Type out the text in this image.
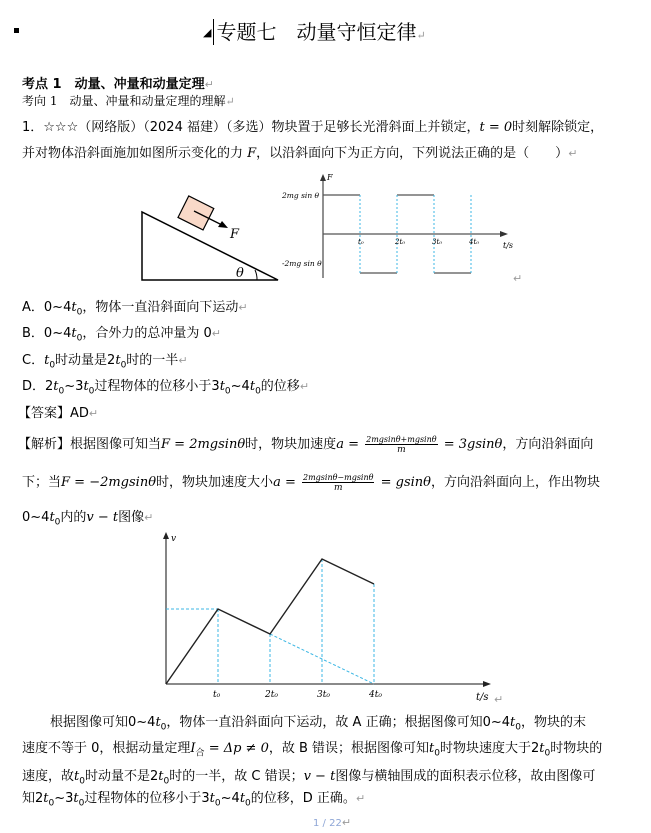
◢ 专题七　动量守恒定律↵
考点 1　动量、冲量和动量定理↵
考向 1　动量、冲量和动量定理的理解↵
1．☆☆☆（网络版）（2024 福建）（多选）物块置于足够长光滑斜面上并锁定，t = 0时刻解除锁定，
并对物体沿斜面施加如图所示变化的力 F，以沿斜面向下为正方向，下列说法正确的是（　　）↵
F
θ
F
2mg sin θ
-2mg sin θ
t/s
t₀	2t₀	3t₀	4t₀
↵
A．$0\sim 4t_0$，物体一直沿斜面向下运动↵
B．$0\sim 4t_0$，合外力的总冲量为 0↵
C．$t_0$时动量是$2t_0$时的一半↵
D．$2t_0\sim 3t_0$过程物体的位移小于$3t_0\sim 4t_0$的位移↵
【答案】AD↵
【解析】根据图像可知当F = 2mgsinθ时，物块加速度$a = \frac{2mgsin\theta+mgsin\theta}{m} = 3gsin\theta$，方向沿斜面向
下；当F = −2mgsinθ时，物块加速度大小$a = \frac{2mgsin\theta-mgsin\theta}{m} = gsin\theta$，方向沿斜面向上，作出物块
$0\sim 4t_0$内的v − t图像↵
v
t/s
t₀	2t₀	3t₀	4t₀	↵
根据图像可知$0\sim 4t_0$，物体一直沿斜面向下运动，故 A 正确；根据图像可知$0\sim 4t_0$，物块的末
速度不等于 0，根据动量定理$I_合 = \Delta p \ne 0$，故 B 错误；根据图像可知$t_0$时物块速度大于$2t_0$时物块的
速度，故$t_0$时动量不是$2t_0$时的一半，故 C 错误；v − t图像与横轴围成的面积表示位移，故由图像可
知$2t_0\sim 3t_0$过程物体的位移小于$3t_0\sim 4t_0$的位移，D 正确。↵
1 / 22↵
